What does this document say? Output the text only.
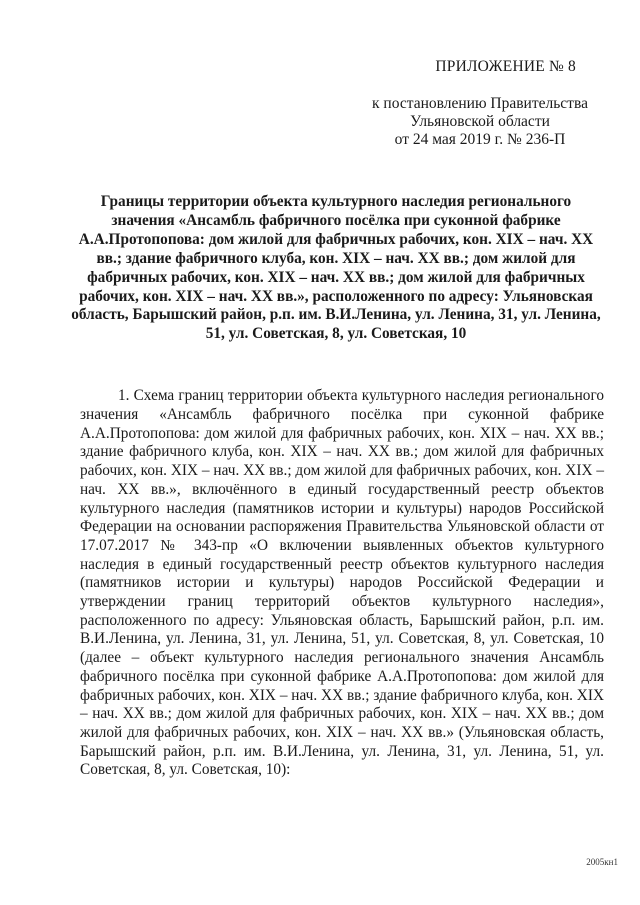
ПРИЛОЖЕНИЕ № 8
к постановлению Правительства
Ульяновской области
от 24 мая 2019 г. № 236-П
Границы территории объекта культурного наследия регионального значения «Ансамбль фабричного посёлка при суконной фабрике А.А.Протопопова: дом жилой для фабричных рабочих, кон. XIX – нач. XX вв.; здание фабричного клуба, кон. XIX – нач. XX вв.; дом жилой для фабричных рабочих, кон. XIX – нач. XX вв.; дом жилой для фабричных рабочих, кон. XIX – нач. XX вв.», расположенного по адресу: Ульяновская область, Барышский район, р.п. им. В.И.Ленина, ул. Ленина, 31, ул. Ленина, 51, ул. Советская, 8, ул. Советская, 10

1. Схема границ территории объекта культурного наследия регионального значения «Ансамбль фабричного посёлка при суконной фабрике А.А.Протопопова: дом жилой для фабричных рабочих, кон. XIX – нач. XX вв.; здание фабричного клуба, кон. XIX – нач. XX вв.; дом жилой для фабричных рабочих, кон. XIX – нач. XX вв.; дом жилой для фабричных рабочих, кон. XIX – нач. XX вв.», включённого в единый государственный реестр объектов культурного наследия (памятников истории и культуры) народов Российской Федерации на основании распоряжения Правительства Ульяновской области от 17.07.2017 № 343-пр «О включении выявленных объектов культурного наследия в единый государственный реестр объектов культурного наследия (памятников истории и культуры) народов Российской Федерации и утверждении границ территорий объектов культурного наследия», расположенного по адресу: Ульяновская область, Барышский район, р.п. им. В.И.Ленина, ул. Ленина, 31, ул. Ленина, 51, ул. Советская, 8, ул. Советская, 10 (далее – объект культурного наследия регионального значения Ансамбль фабричного посёлка при суконной фабрике А.А.Протопопова: дом жилой для фабричных рабочих, кон. XIX – нач. XX вв.; здание фабричного клуба, кон. XIX – нач. XX вв.; дом жилой для фабричных рабочих, кон. XIX – нач. XX вв.; дом жилой для фабричных рабочих, кон. XIX – нач. XX вв.» (Ульяновская область, Барышский район, р.п. им. В.И.Ленина, ул. Ленина, 31, ул. Ленина, 51, ул. Советская, 8, ул. Советская, 10):

2005кн1
